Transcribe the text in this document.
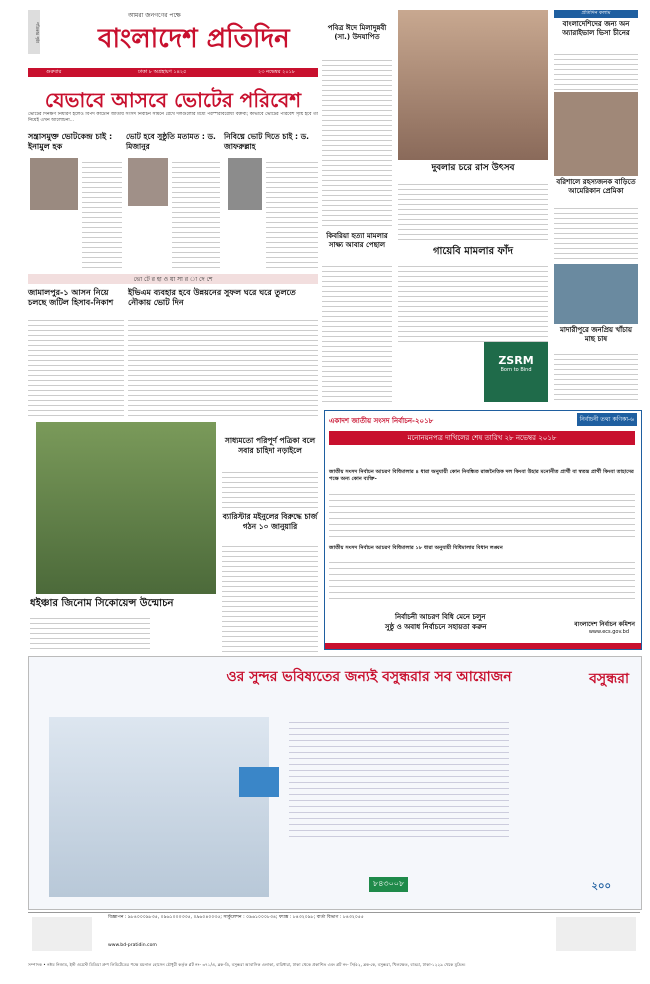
পত্রিকার পৃষ্ঠা
আমরা জনগণের পক্ষে
বাংলাদেশ প্রতিদিন
গুরুবার	ঢাকা ৮ অগ্রহায়ণ ১৪২৫	২৩ নভেম্বর ২০১৮
যেভাবে আসবে ভোটের পরিবেশ
ভোটের দিনক্ষণ নির্ধারণ হলেও বিপদ কাটেনি জাতীয় সংসদ নির্বাচন সামনে রেখে দলগুলোর মধ্যে পরস্পরবিরোধী বক্তব্য; কীভাবে ভোটের পরিবেশ সৃষ্টি হবে তা নিয়েই এখন আলোচনা...
সন্ত্রাসমুক্ত ভোটকেন্দ্র চাই : ইনামুল হক
ভোট হবে সুষ্ঠুতি মতামত : ড. মিজানুর
নিবিঘ্নে ভোট দিতে চাই : ড. জাফরুল্লাহ
ভো টে র হা ও য়া সা র া দে শে
জামালপুর-১ আসন নিয়ে চলছে জটিল হিসাব-নিকাশ
ইভিএম ব্যবহার হবে উন্নয়নের সুফল ঘরে ঘরে তুলতে নৌকায় ভোট দিন
ধইঞ্চার জিনোম সিকোয়েন্স উন্মোচন
সাধ্যমতো পরিপূর্ণ পত্রিকা বলে সবার চাহিদা নড়াইলে
ব্যারিস্টার মইনুলের বিরুদ্ধে চার্জ গঠন ১০ জানুয়ারি
পবিত্র ঈদে মিলাদুন্নবী (সা.) উদযাপিত
দুবলার চরে রাস উৎসব
কিবরিয়া হত্যা মামলার সাক্ষ্য আবার পেছাল
গায়েবি মামলার ফাঁদ
ZSRM
Born to Bind
প্রতিদিন কলাম
বাংলাদেশিদের জন্য অন অ্যারাইভাল ভিসা চীনের
বরিশালে রহস্যজনক বাড়িতে আমেরিকান প্রেমিকা
মাদারীপুরে জনপ্রিয় খাঁচায় মাছ চাষ
একাদশ জাতীয় সংসদ নির্বাচন-২০১৮	নির্বাচনী তথ্য কণিকা-৬
মনোনয়নপত্র দাখিলের শেষ তারিখ ২৮ নভেম্বর ২০১৮
জাতীয় সংসদ নির্বাচন আচরণ বিধিমালার ৪ ধারা অনুযায়ী কোন নিবন্ধিত রাজনৈতিক দল কিংবা উহার মনোনীত প্রার্থী বা স্বতন্ত্র প্রার্থী কিংবা তাহাদের পক্ষে অন্য কোন ব্যক্তি-
জাতীয় সংসদ নির্বাচন আচরণ বিধিমালার ১৮ ধারা অনুযায়ী বিধিমালার বিধান লঙ্ঘন
নির্বাচনী আচরণ বিধি মেনে চলুন
সুষ্ঠু ও অবাধ নির্বাচনে সহায়তা করুন	বাংলাদেশ নির্বাচন কমিশন
www.ecs.gov.bd
ওর সুন্দর ভবিষ্যতের জন্যই বসুন্ধরার সব আয়োজন	বসুন্ধরা
৮৪৩০০৮	২০০
বিজ্ঞাপন : ৯৮৪০০০৯৮৩৫, ০৯৬১০০০৩৩৫, ০৯৬০৪০০৩৫; সার্কুলেশন : ০৯৬১০০০৮৩৪; ফ্যাক্স : ৮৪৩২০৯৮; বার্তা বিভাগ : ৮৪৩২০৫৫
www.bd-pratidin.com
সম্পাদক • নঈম নিজাম, ইস্ট ওয়েস্ট মিডিয়া গ্রুপ লিমিটেডের পক্ষে ময়নাল হোসেন চৌধুরী কর্তৃক প্লট নং- ৩৭১/এ, ব্লক-ডি, বসুন্ধরা আবাসিক এলাকা, বারিধারা, ঢাকা থেকে প্রকাশিত এবং প্লট নং- সি/৫২, ব্লক-কে, বসুন্ধরা, খিলক্ষেত, বাড্ডা, ঢাকা-১২২৯ থেকে মুদ্রিত।
